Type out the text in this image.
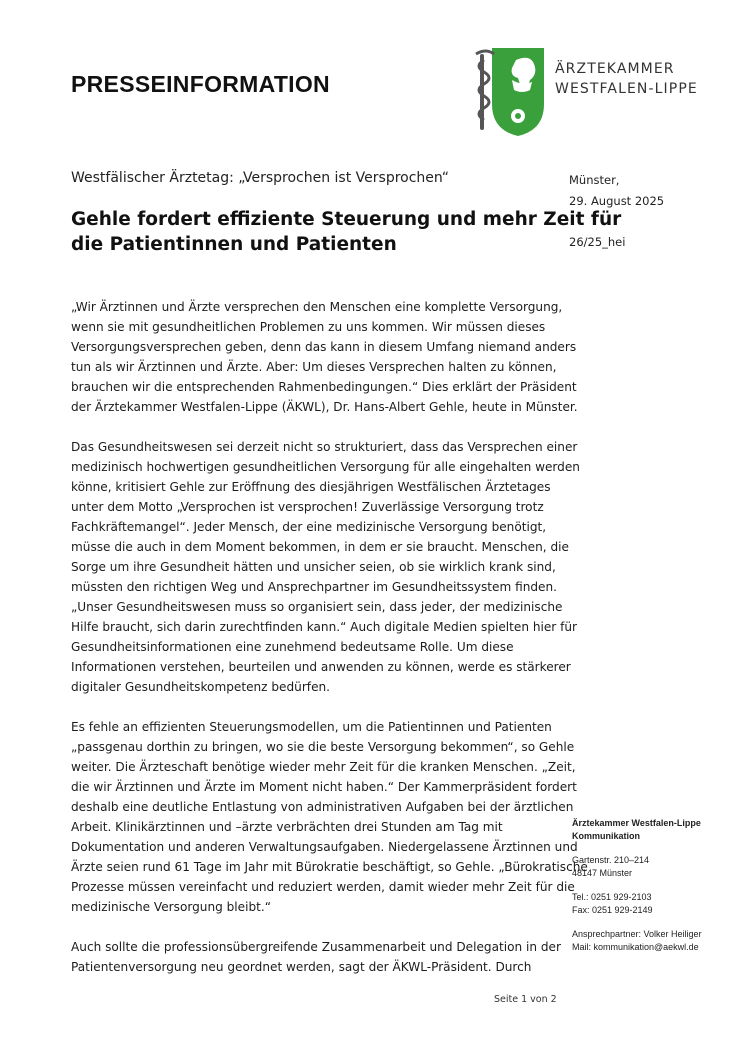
PRESSEINFORMATION
ÄRZTEKAMMER
WESTFALEN-LIPPE
Westfälischer Ärztetag: „Versprochen ist Versprochen“
Gehle fordert effiziente Steuerung und mehr Zeit für
die Patientinnen und Patienten
Münster,
29. August 2025
26/25_hei

„Wir Ärztinnen und Ärzte versprechen den Menschen eine komplette Versorgung,
wenn sie mit gesundheitlichen Problemen zu uns kommen. Wir müssen dieses
Versorgungsversprechen geben, denn das kann in diesem Umfang niemand anders
tun als wir Ärztinnen und Ärzte. Aber: Um dieses Versprechen halten zu können,
brauchen wir die entsprechenden Rahmenbedingungen.“ Dies erklärt der Präsident
der Ärztekammer Westfalen-Lippe (ÄKWL), Dr. Hans-Albert Gehle, heute in Münster.

Das Gesundheitswesen sei derzeit nicht so strukturiert, dass das Versprechen einer
medizinisch hochwertigen gesundheitlichen Versorgung für alle eingehalten werden
könne, kritisiert Gehle zur Eröffnung des diesjährigen Westfälischen Ärztetages
unter dem Motto „Versprochen ist versprochen! Zuverlässige Versorgung trotz
Fachkräftemangel“. Jeder Mensch, der eine medizinische Versorgung benötigt,
müsse die auch in dem Moment bekommen, in dem er sie braucht. Menschen, die
Sorge um ihre Gesundheit hätten und unsicher seien, ob sie wirklich krank sind,
müssten den richtigen Weg und Ansprechpartner im Gesundheitssystem finden.
„Unser Gesundheitswesen muss so organisiert sein, dass jeder, der medizinische
Hilfe braucht, sich darin zurechtfinden kann.“ Auch digitale Medien spielten hier für
Gesundheitsinformationen eine zunehmend bedeutsame Rolle. Um diese
Informationen verstehen, beurteilen und anwenden zu können, werde es stärkerer
digitaler Gesundheitskompetenz bedürfen.

Es fehle an effizienten Steuerungsmodellen, um die Patientinnen und Patienten
„passgenau dorthin zu bringen, wo sie die beste Versorgung bekommen“, so Gehle
weiter. Die Ärzteschaft benötige wieder mehr Zeit für die kranken Menschen. „Zeit,
die wir Ärztinnen und Ärzte im Moment nicht haben.“ Der Kammerpräsident fordert
deshalb eine deutliche Entlastung von administrativen Aufgaben bei der ärztlichen
Arbeit. Klinikärztinnen und –ärzte verbrächten drei Stunden am Tag mit
Dokumentation und anderen Verwaltungsaufgaben. Niedergelassene Ärztinnen und
Ärzte seien rund 61 Tage im Jahr mit Bürokratie beschäftigt, so Gehle. „Bürokratische
Prozesse müssen vereinfacht und reduziert werden, damit wieder mehr Zeit für die
medizinische Versorgung bleibt.“

Auch sollte die professionsübergreifende Zusammenarbeit und Delegation in der
Patientenversorgung neu geordnet werden, sagt der ÄKWL-Präsident. Durch

Ärztekammer Westfalen-Lippe
Kommunikation
Gartenstr. 210–214
48147 Münster
Tel.: 0251 929-2103
Fax: 0251 929-2149
Ansprechpartner: Volker Heiliger
Mail: kommunikation@aekwl.de
Seite 1 von 2
